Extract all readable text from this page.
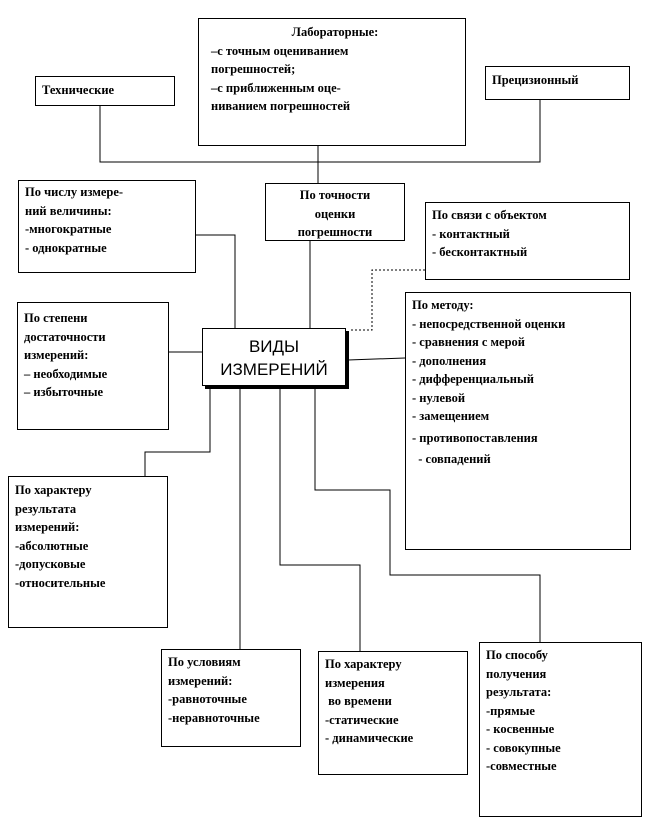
Лабораторные:
–с точным оцениванием
погрешностей;
–с приближенным оце-
ниванием погрешностей
Технические
Прецизионный
По точности
оценки
погрешности
По числу измере-
ний величины:
-многократные
- однократные
По связи с объектом
- контактный
- бесконтактный
По степени
достаточности
измерений:
– необходимые
– избыточные
ВИДЫ
ИЗМЕРЕНИЙ
По методу:
- непосредственной оценки
- сравнения с мерой
- дополнения
- дифференциальный
- нулевой
- замещением
- противопоставления
- совпадений
По характеру
результата
измерений:
-абсолютные
-допусковые
-относительные
По условиям
измерений:
-равноточные
-неравноточные
По характеру
измерения
во времени
-статические
- динамические
По способу
получения
результата:
-прямые
- косвенные
- совокупные
-совместные
